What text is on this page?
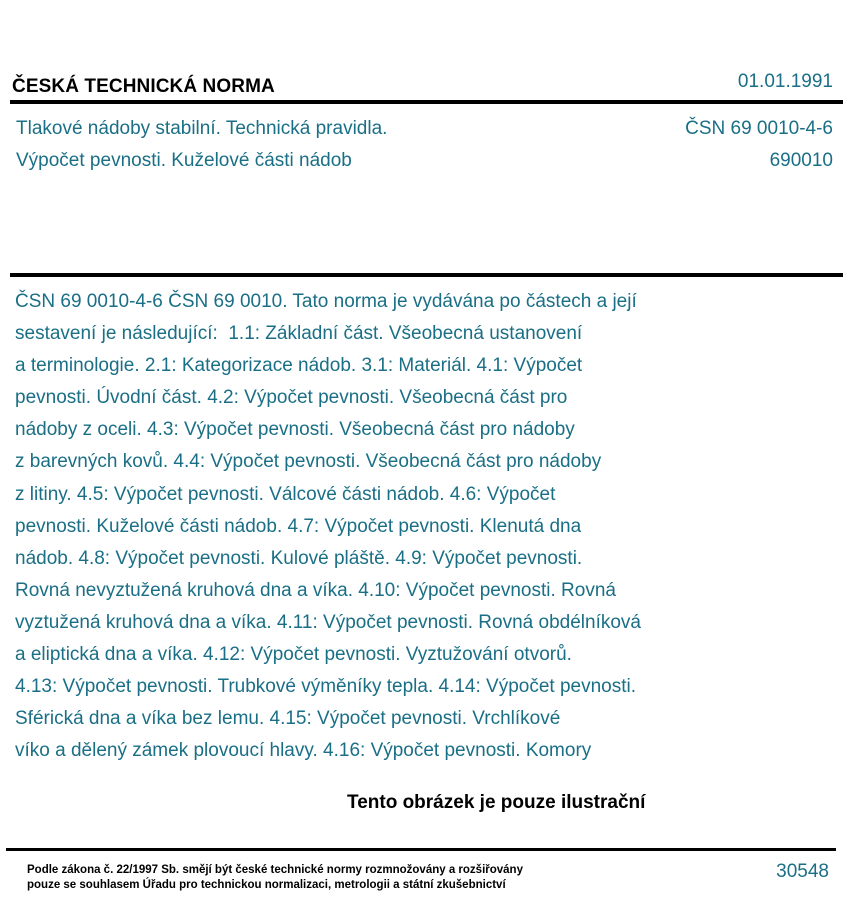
ČESKÁ TECHNICKÁ NORMA	01.01.1991
Tlakové nádoby stabilní. Technická pravidla.
Výpočet pevnosti. Kuželové části nádob
ČSN 69 0010-4-6
690010
ČSN 69 0010-4-6 ČSN 69 0010. Tato norma je vydávána po částech a její
sestavení je následující:  1.1: Základní část. Všeobecná ustanovení
a terminologie. 2.1: Kategorizace nádob. 3.1: Materiál. 4.1: Výpočet
pevnosti. Úvodní část. 4.2: Výpočet pevnosti. Všeobecná část pro
nádoby z oceli. 4.3: Výpočet pevnosti. Všeobecná část pro nádoby
z barevných kovů. 4.4: Výpočet pevnosti. Všeobecná část pro nádoby
z litiny. 4.5: Výpočet pevnosti. Válcové části nádob. 4.6: Výpočet
pevnosti. Kuželové části nádob. 4.7: Výpočet pevnosti. Klenutá dna
nádob. 4.8: Výpočet pevnosti. Kulové pláště. 4.9: Výpočet pevnosti.
Rovná nevyztužená kruhová dna a víka. 4.10: Výpočet pevnosti. Rovná
vyztužená kruhová dna a víka. 4.11: Výpočet pevnosti. Rovná obdélníková
a eliptická dna a víka. 4.12: Výpočet pevnosti. Vyztužování otvorů.
4.13: Výpočet pevnosti. Trubkové výměníky tepla. 4.14: Výpočet pevnosti.
Sférická dna a víka bez lemu. 4.15: Výpočet pevnosti. Vrchlíkové
víko a dělený zámek plovoucí hlavy. 4.16: Výpočet pevnosti. Komory
Tento obrázek je pouze ilustrační
Podle zákona č. 22/1997 Sb. smějí být české technické normy rozmnožovány a rozšiřovány
pouze se souhlasem Úřadu pro technickou normalizaci, metrologii a státní zkušebnictví
30548
